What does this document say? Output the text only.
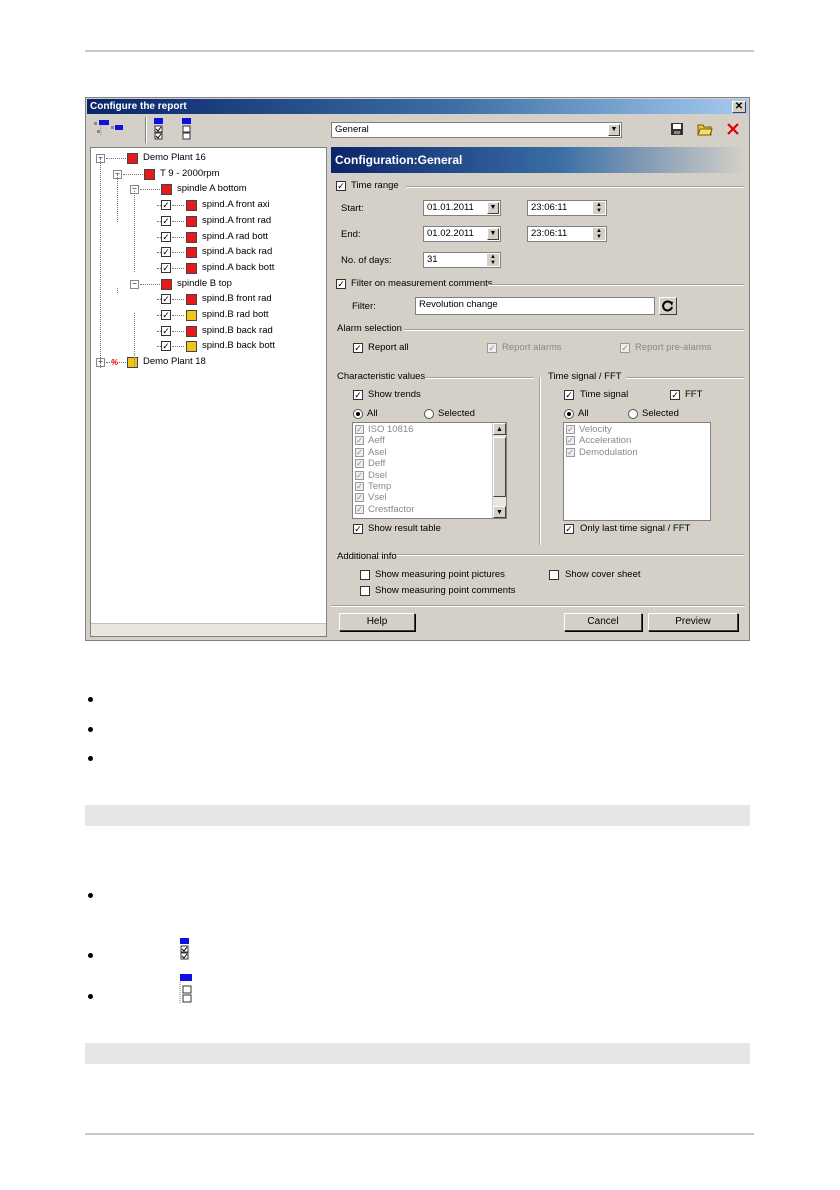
Configure the report	✕
General	▼
−	Demo Plant 16
−	T 9 - 2000rpm
−	spindle A bottom
✓	spind.A front axi
✓	spind.A front rad
✓	spind.A rad bott
✓	spind.A back rad
✓	spind.A back bott
−	spindle B top
✓	spind.B front rad
✓	spind.B rad bott
✓	spind.B back rad
✓	spind.B back bott
+ %	Demo Plant 18
Configuration:General
✓ Time range
Start:	01.01.2011	▼	23:06:11	▲
▼
End:	01.02.2011	▼	23:06:11	▲
▼
No. of days:	31	▲
▼
✓ Filter on measurement comments
Filter:	Revolution change
Alarm selection
✓ Report all	✓ Report alarms	✓ Report pre-alarms
Characteristic values
✓ Show trends
All	Selected
✓ ISO 10816
✓ Aeff
✓ Asel
✓ Deff
✓ Dsel
✓ Temp
✓ Vsel
✓ Crestfactor
▲
▼
✓ Show result table
Time signal / FFT
✓ Time signal	✓ FFT
All	Selected
✓ Velocity
✓ Acceleration
✓ Demodulation
✓ Only last time signal / FFT
Additional info
Show measuring point pictures	Show cover sheet
Show measuring point comments
Help	Cancel	Preview
